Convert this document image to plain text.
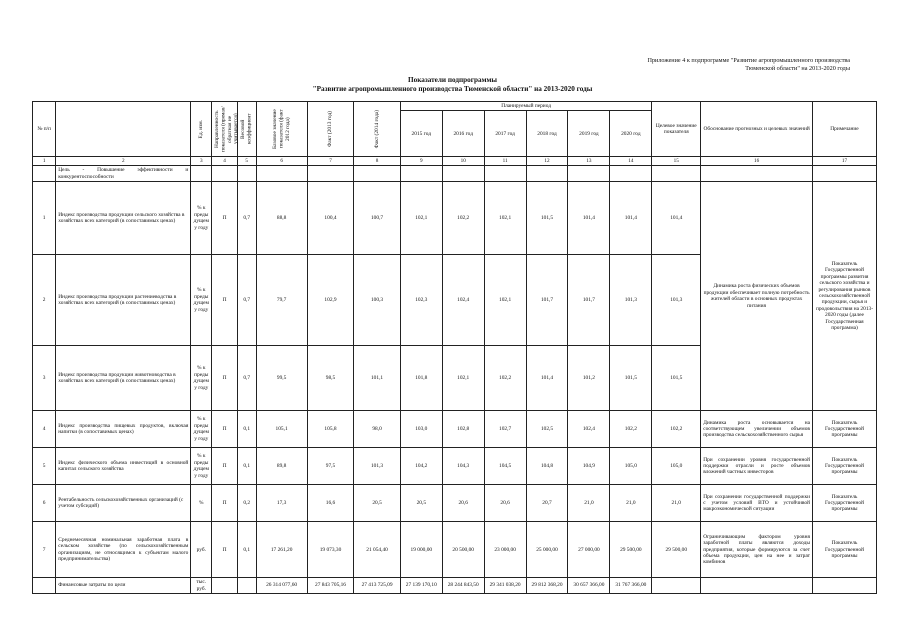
Приложение 4 к подпрограмме "Развитие агропромышленного производства
Тюменской области" на 2013-2020 годы
Показатели подпрограммы
"Развитие агропромышленного производства Тюменской области" на 2013-2020 годы
№ п/п		Ед. изм.	Направленность показателя (прямая/обратная не учитывается)	Весовой коэффициент	Базовое значение показателя (факт 2012 года)	Факт (2013 год)	Факт (2014 года)	Планируемый период						Целевое значение показателя	Обоснование прогнозных и целевых значений	Примечание
								2015 год	2016 год	2017 год	2018 год	2019 год	2020 год			
1	2	3	4	5	6	7	8	9	10	11	12	13	14	15	16	17
	Цель - Повышение эффективности и конкурентоспособности															
1	Индекс производства продукции сельского хозяйства в хозяйствах всех категорий (в сопоставимых ценах)	% к преды дущем у году	П	0,7	88,8	100,4	100,7	102,1	102,2	102,1	101,5	101,4	101,4	101,4	Динамика роста физических объемов продукции обеспечивает полную потребность жителей области в основных продуктах питания	Показатель Государственной программы развития сельского хозяйства и регулирования рынков сельскохозяйственной продукции, сырья и продовольствия на 2013-2020 годы (далее Государственная программа)
2	Индекс производства продукции растениеводства в хозяйствах всех категорий (в сопоставимых ценах)	% к преды дущем у году	П	0,7	79,7	102,9	100,3	102,3	102,4	102,1	101,7	101,7	101,3	101,3		
3	Индекс производства продукции животноводства в хозяйствах всех категорий (в сопоставимых ценах)	% к преды дущем у году	П	0,7	99,5	98,5	101,1	101,8	102,1	102,2	101,4	101,2	101,5	101,5		
4	Индекс производства пищевых продуктов, включая напитки (в сопоставимых ценах)	% к преды дущем у году	П	0,1	105,1	105,8	98,0	103,0	102,8	102,7	102,5	102,4	102,2	102,2	Динамика роста основывается на соответствующем увеличении объемов производства сельскохозяйственного сырья	Показатель Государственной программы
5	Индекс физического объема инвестиций в основной капитал сельского хозяйства	% к преды дущем у году	П	0,1	89,8	97,5	101,3	104,2	104,3	104,5	104,8	104,9	105,0	105,0	При сохранении уровня государственной поддержки отрасли и росте объемов вложений частных инвесторов	Показатель Государственной программы
6	Рентабельность сельскохозяйственных организаций (с учетом субсидий)	%	П	0,2	17,3	16,6	20,5	20,5	20,6	20,6	20,7	21,0	21,0	21,0	При сохранении государственной поддержки с учетом условий ВТО и устойчивой макроэкономической ситуации	Показатель Государственной программы
7	Среднемесячная номинальная заработная плата в сельском хозяйстве (по сельскохозяйственным организациям, не относящимся к субъектам малого предпринимательства)	руб.	П	0,1	17 261,20	19 073,30	21 054,40	19 000,00	20 500,00	23 000,00	25 000,00	27 000,00	29 500,00	29 500,00	Ограничивающим фактором уровня заработной платы являются доходы предприятия, которые формируются за счет объема продукции, цен на нее и затрат комбинов	Показатель Государственной программы
	Финансовые затраты по цели	тыс. руб.			26 314 077,60	27 843 705,16	27 413 725,09	27 139 170,10	28 244 843,50	29 341 038,20	29 812 368,20	30 657 366,00	31 767 366,00			
